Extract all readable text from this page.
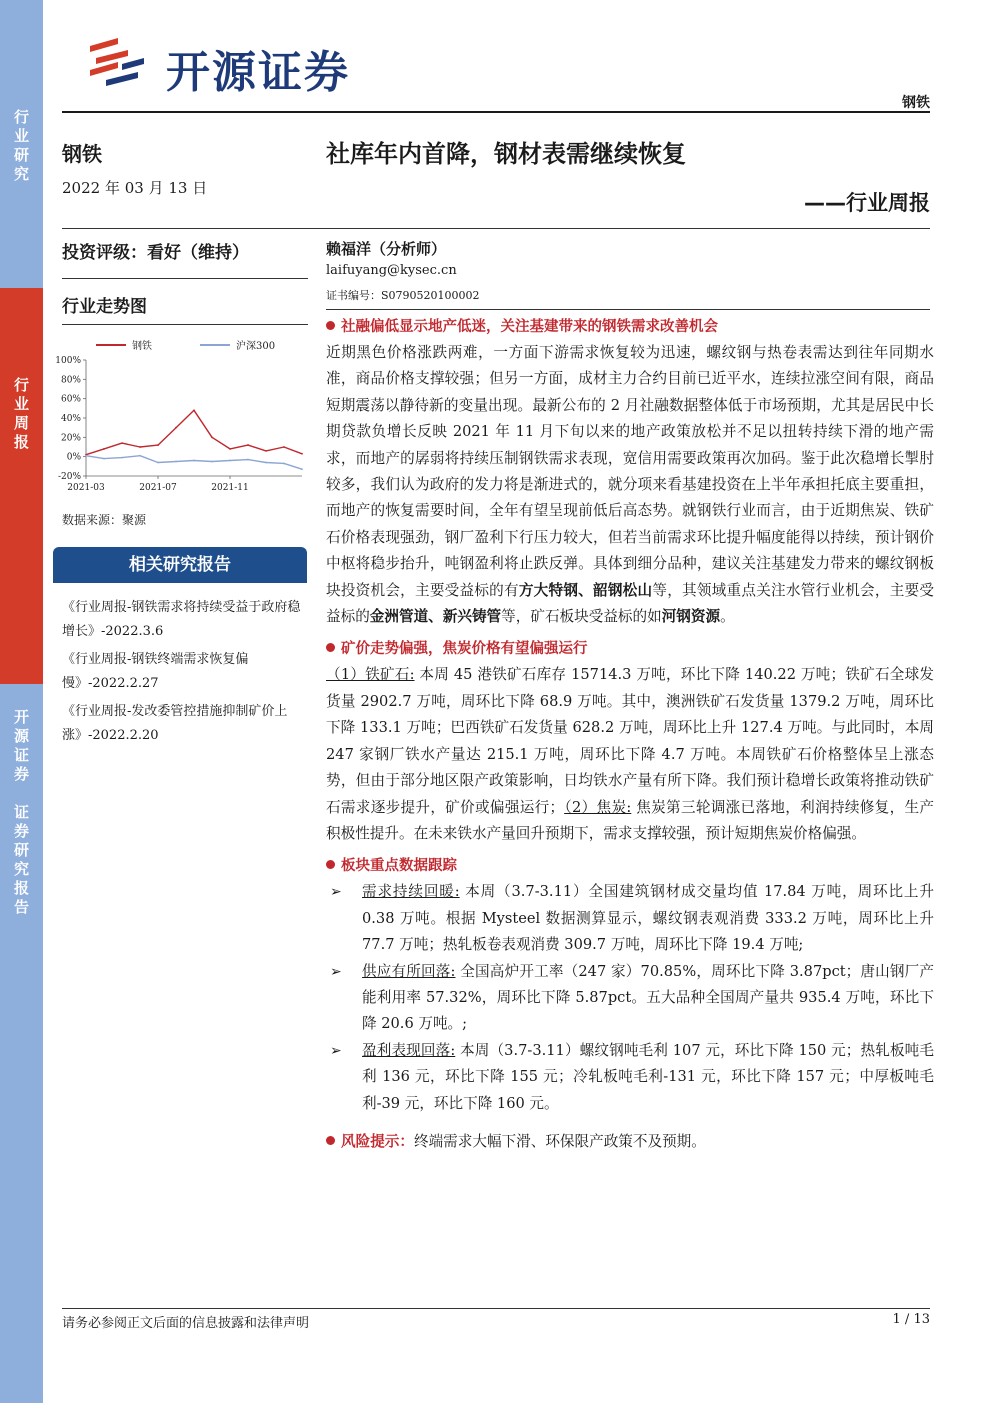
行
业
研
究
行
业
周
报
开
源
证
券

证
券
研
究
报
告
开源证券
钢铁
钢铁
2022 年 03 月 13 日
社库年内首降，钢材表需继续恢复
——行业周报
投资评级：看好（维持）
行业走势图
赖福洋（分析师）
laifuyang@kysec.cn
证书编号：S0790520100002
100%
80%
60%
40%
20%
0%
-20%
2021-03	2021-07	2021-11
钢铁	沪深300
数据来源：聚源
相关研究报告
《行业周报-钢铁需求将持续受益于政府稳增长》-2022.3.6
《行业周报-钢铁终端需求恢复偏慢》-2022.2.27
《行业周报-发改委管控措施抑制矿价上涨》-2022.2.20
社融偏低显示地产低迷，关注基建带来的钢铁需求改善机会

近期黑色价格涨跌两难，一方面下游需求恢复较为迅速，螺纹钢与热卷表需达到往年同期水准，商品价格支撑较强；但另一方面，成材主力合约目前已近平水，连续拉涨空间有限，商品短期震荡以静待新的变量出现。最新公布的 2 月社融数据整体低于市场预期，尤其是居民中长期贷款负增长反映 2021 年 11 月下旬以来的地产政策放松并不足以扭转持续下滑的地产需求，而地产的孱弱将持续压制钢铁需求表现，宽信用需要政策再次加码。鉴于此次稳增长掣肘较多，我们认为政府的发力将是渐进式的，就分项来看基建投资在上半年承担托底主要重担，而地产的恢复需要时间，全年有望呈现前低后高态势。就钢铁行业而言，由于近期焦炭、铁矿石价格表现强劲，钢厂盈利下行压力较大，但若当前需求环比提升幅度能得以持续，预计钢价中枢将稳步抬升，吨钢盈利将止跌反弹。具体到细分品种，建议关注基建发力带来的螺纹钢板块投资机会，主要受益标的有方大特钢、韶钢松山等，其领域重点关注水管行业机会，主要受益标的金洲管道、新兴铸管等，矿石板块受益标的如河钢资源。

矿价走势偏强，焦炭价格有望偏强运行

（1）铁矿石: 本周 45 港铁矿石库存 15714.3 万吨，环比下降 140.22 万吨；铁矿石全球发货量 2902.7 万吨，周环比下降 68.9 万吨。其中，澳洲铁矿石发货量 1379.2 万吨，周环比下降 133.1 万吨；巴西铁矿石发货量 628.2 万吨，周环比上升 127.4 万吨。与此同时，本周 247 家钢厂铁水产量达 215.1 万吨，周环比下降 4.7 万吨。本周铁矿石价格整体呈上涨态势，但由于部分地区限产政策影响，日均铁水产量有所下降。我们预计稳增长政策将推动铁矿石需求逐步提升，矿价或偏强运行；（2）焦炭: 焦炭第三轮调涨已落地，利润持续修复，生产积极性提升。在未来铁水产量回升预期下，需求支撑较强，预计短期焦炭价格偏强。

板块重点数据跟踪
➢ 需求持续回暖: 本周（3.7-3.11）全国建筑钢材成交量均值 17.84 万吨，周环比上升 0.38 万吨。根据 Mysteel 数据测算显示，螺纹钢表观消费 333.2 万吨，周环比上升 77.7 万吨；热轧板卷表观消费 309.7 万吨，周环比下降 19.4 万吨;
➢ 供应有所回落: 全国高炉开工率（247 家）70.85%，周环比下降 3.87pct；唐山钢厂产能利用率 57.32%，周环比下降 5.87pct。五大品种全国周产量共 935.4 万吨，环比下降 20.6 万吨。;
➢ 盈利表现回落: 本周（3.7-3.11）螺纹钢吨毛利 107 元，环比下降 150 元；热轧板吨毛利 136 元，环比下降 155 元；冷轧板吨毛利-131 元，环比下降 157 元；中厚板吨毛利-39 元，环比下降 160 元。
风险提示：终端需求大幅下滑、环保限产政策不及预期。
请务必参阅正文后面的信息披露和法律声明	1 / 13
